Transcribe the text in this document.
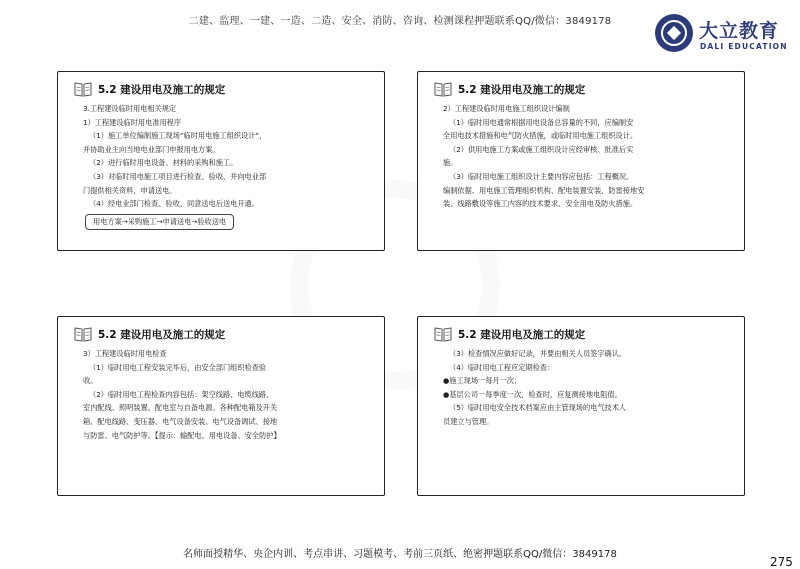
二建、监理、一建、一造、二造、安全、消防、咨询、检测课程押题联系QQ/微信：3849178	大立教育
DALI EDUCATION
5.2 建设用电及施工的规定

3.工程建设临时用电相关规定

1）工程建设临时用电准用程序

（1）施工单位编制施工现场“临时用电施工组织设计”，

并协助业主向当地电业部门申报用电方案。

（2）进行临时用电设备、材料的采购和施工。

（3）对临时用电施工项目进行检查、验收，并向电业部

门提供相关资料，申请送电。

（4）经电业部门检查、验收，同意送电后送电开通。

用电方案→采购施工→申请送电→验收送电
5.2 建设用电及施工的规定

2）工程建设临时用电施工组织设计编制

（1）临时用电通常根据用电设备总容量的不同，应编制安

全用电技术措施和电气防火措施，或临时用电施工组织设计。

（2）供用电施工方案或施工组织设计应经审核、批准后实

施。

（3）临时用电施工组织设计主要内容应包括：工程概况、

编制依据、用电施工管理组织机构、配电装置安装、防雷接地安

装、线路敷设等施工内容的技术要求、安全用电及防火措施。

5.2 建设用电及施工的规定

3）工程建设临时用电检查

（1）临时用电工程安装完毕后，由安全部门组织检查验

收。

（2）临时用电工程检查内容包括：架空线路、电缆线路、

室内配线、照明装置、配电室与自备电源、各种配电箱及开关

箱、配电线路、变压器、电气设备安装、电气设备调试、接地

与防雷、电气防护等。【提示：输配电、用电设备、安全防护】

5.2 建设用电及施工的规定

（3）检查情况应做好记录，并要由相关人员签字确认。

（4）临时用电工程应定期检查：

●施工现场一每月一次；

●基层公司一每季度一次，检查时，应复测接地电阻值。

（5）临时用电安全技术档案应由主管现场的电气技术人

员建立与管理。

名师面授精华、央企内训、考点串讲、习题模考、考前三页纸、绝密押题联系QQ/微信：3849178
275
